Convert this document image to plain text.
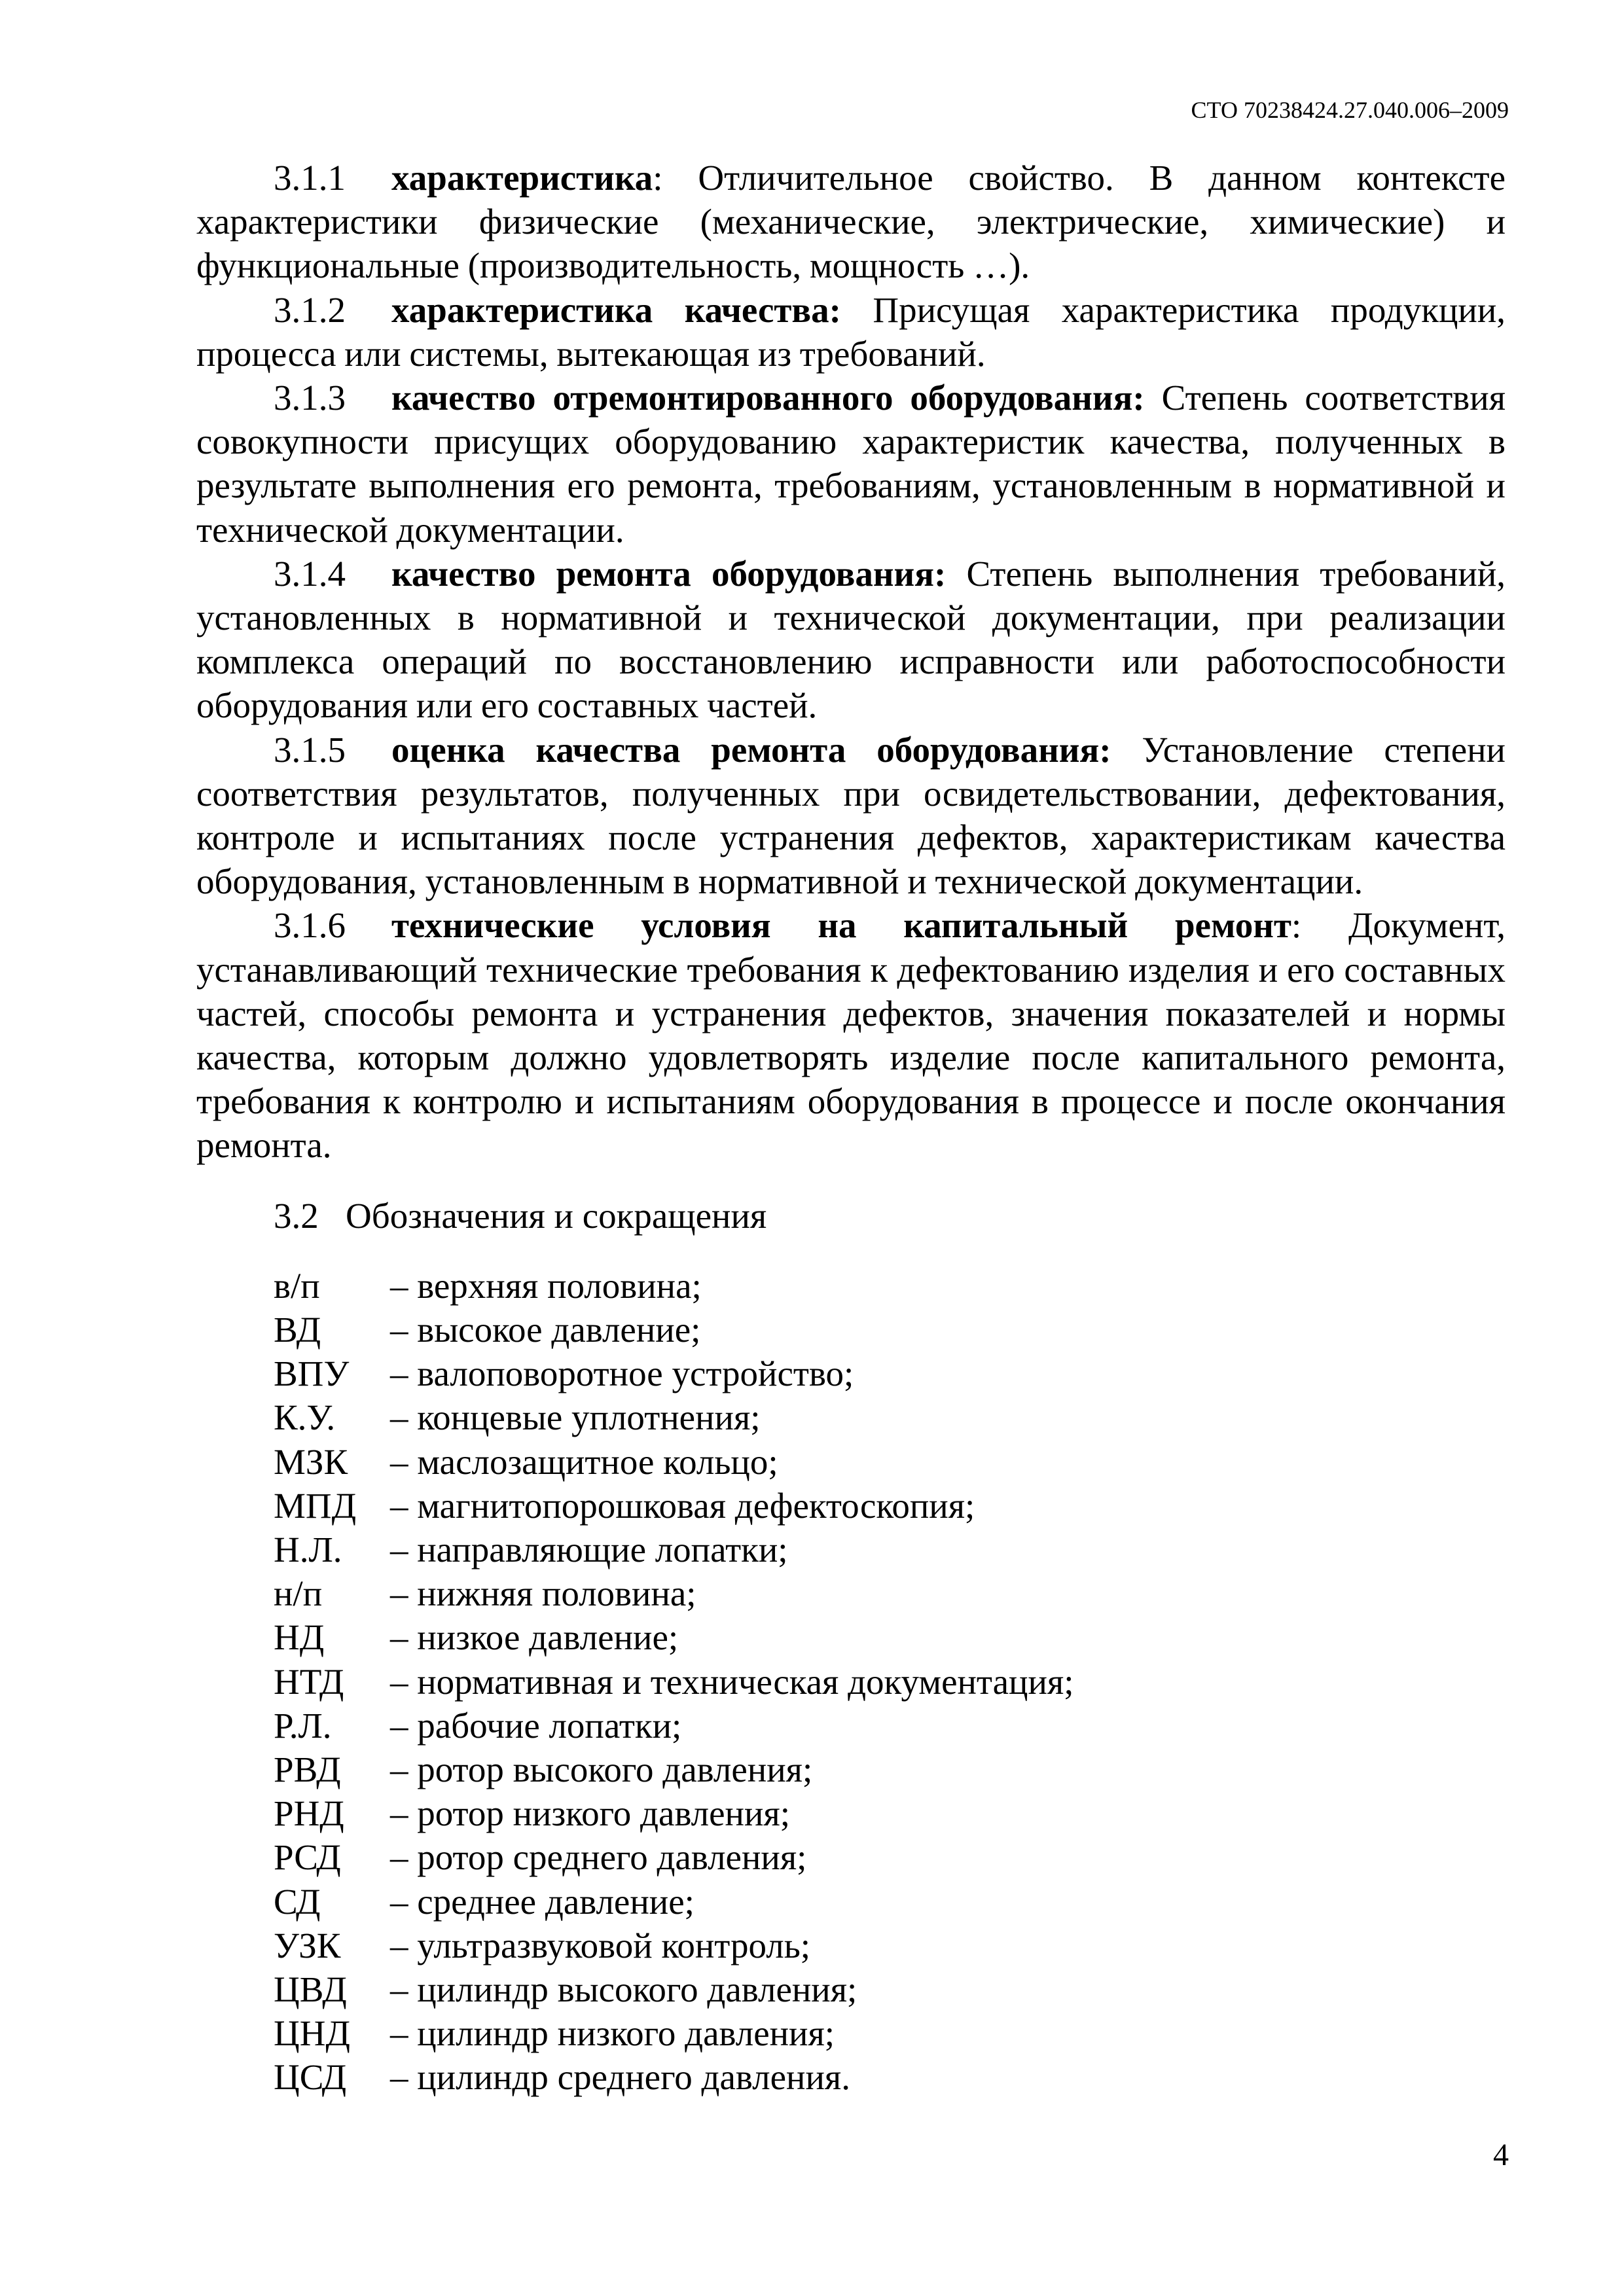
СТО 70238424.27.040.006–2009

3.1.1 характеристика: Отличительное свойство. В данном контексте характеристики физические (механические, электрические, химические) и функциональные (производительность, мощность …).

3.1.2 характеристика качества: Присущая характеристика продукции, процесса или системы, вытекающая из требований.

3.1.3 качество отремонтированного оборудования: Степень соответствия совокупности присущих оборудованию характеристик качества, полученных в результате выполнения его ремонта, требованиям, установленным в нормативной и технической документации.

3.1.4 качество ремонта оборудования: Степень выполнения требований, установленных в нормативной и технической документации, при реализации комплекса операций по восстановлению исправности или работоспособности оборудования или его составных частей.

3.1.5 оценка качества ремонта оборудования: Установление степени соответствия результатов, полученных при освидетельствовании, дефектования, контроле и испытаниях после устранения дефектов, характеристикам качества оборудования, установленным в нормативной и технической документации.

3.1.6 технические условия на капитальный ремонт: Документ, устанавливающий технические требования к дефектованию изделия и его составных частей, способы ремонта и устранения дефектов, значения показателей и нормы качества, которым должно удовлетворять изделие после капитального ремонта, требования к контролю и испытаниям оборудования в процессе и после окончания ремонта.

3.2 Обозначения и сокращения

в/п	– верхняя половина;
ВД	– высокое давление;
ВПУ	– валоповоротное устройство;
К.У.	– концевые уплотнения;
МЗК	– маслозащитное кольцо;
МПД – магнитопорошковая дефектоскопия;
Н.Л.	– направляющие лопатки;
н/п	– нижняя половина;
НД	– низкое давление;
НТД	– нормативная и техническая документация;
Р.Л.	– рабочие лопатки;
РВД	– ротор высокого давления;
РНД	– ротор низкого давления;
РСД	– ротор среднего давления;
СД	– среднее давление;
УЗК	– ультразвуковой контроль;
ЦВД	– цилиндр высокого давления;
ЦНД	– цилиндр низкого давления;
ЦСД	– цилиндр среднего давления.
4
